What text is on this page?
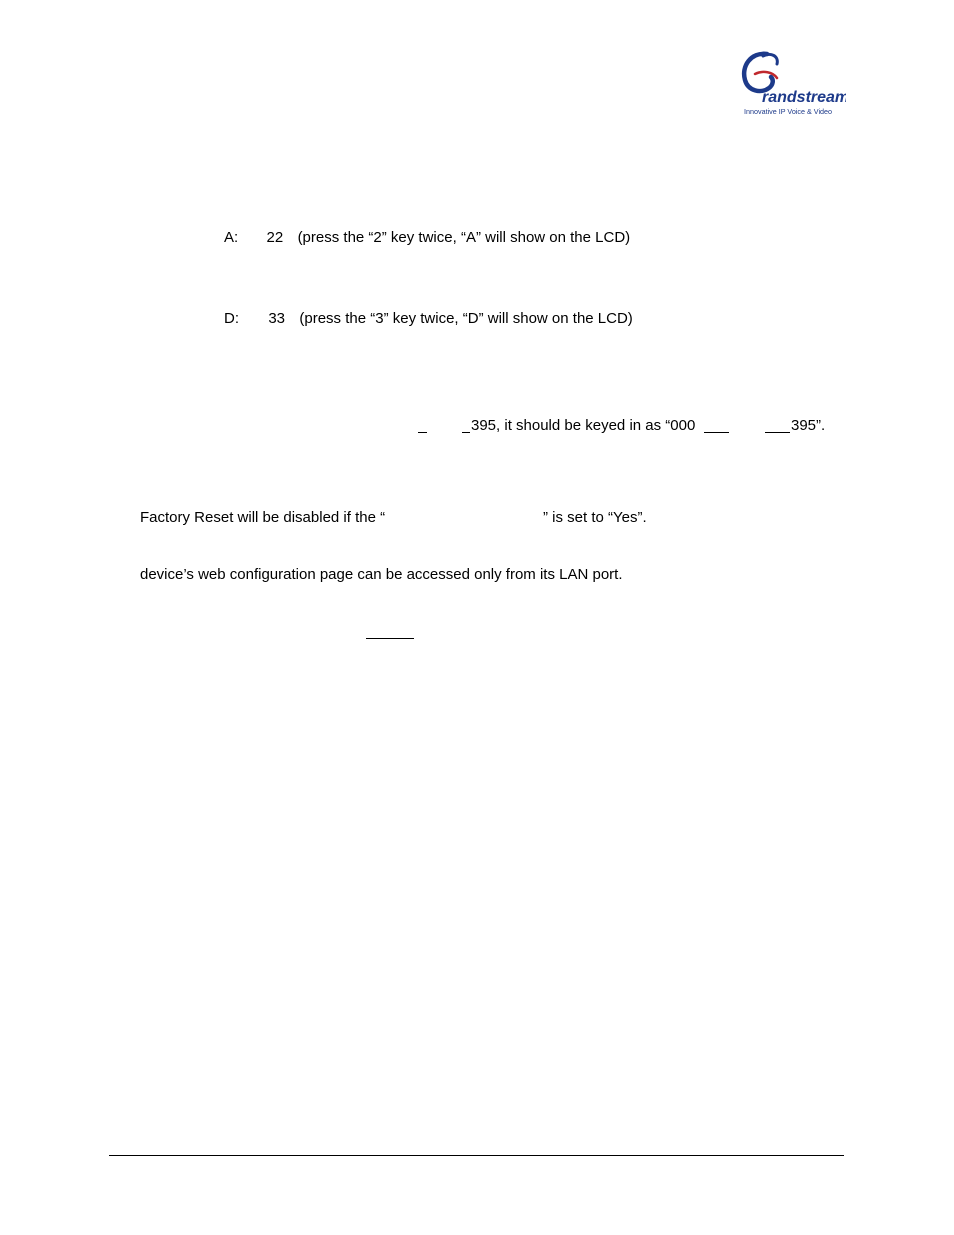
randstream
Innovative IP Voice & Video
A: 22 (press the “2” key twice, “A” will show on the LCD)
D: 33 (press the “3” key twice, “D” will show on the LCD)
395, it should be keyed in as “000	395”.
Factory Reset will be disabled if the “	” is set to “Yes”.
device’s web configuration page can be accessed only from its LAN port.
